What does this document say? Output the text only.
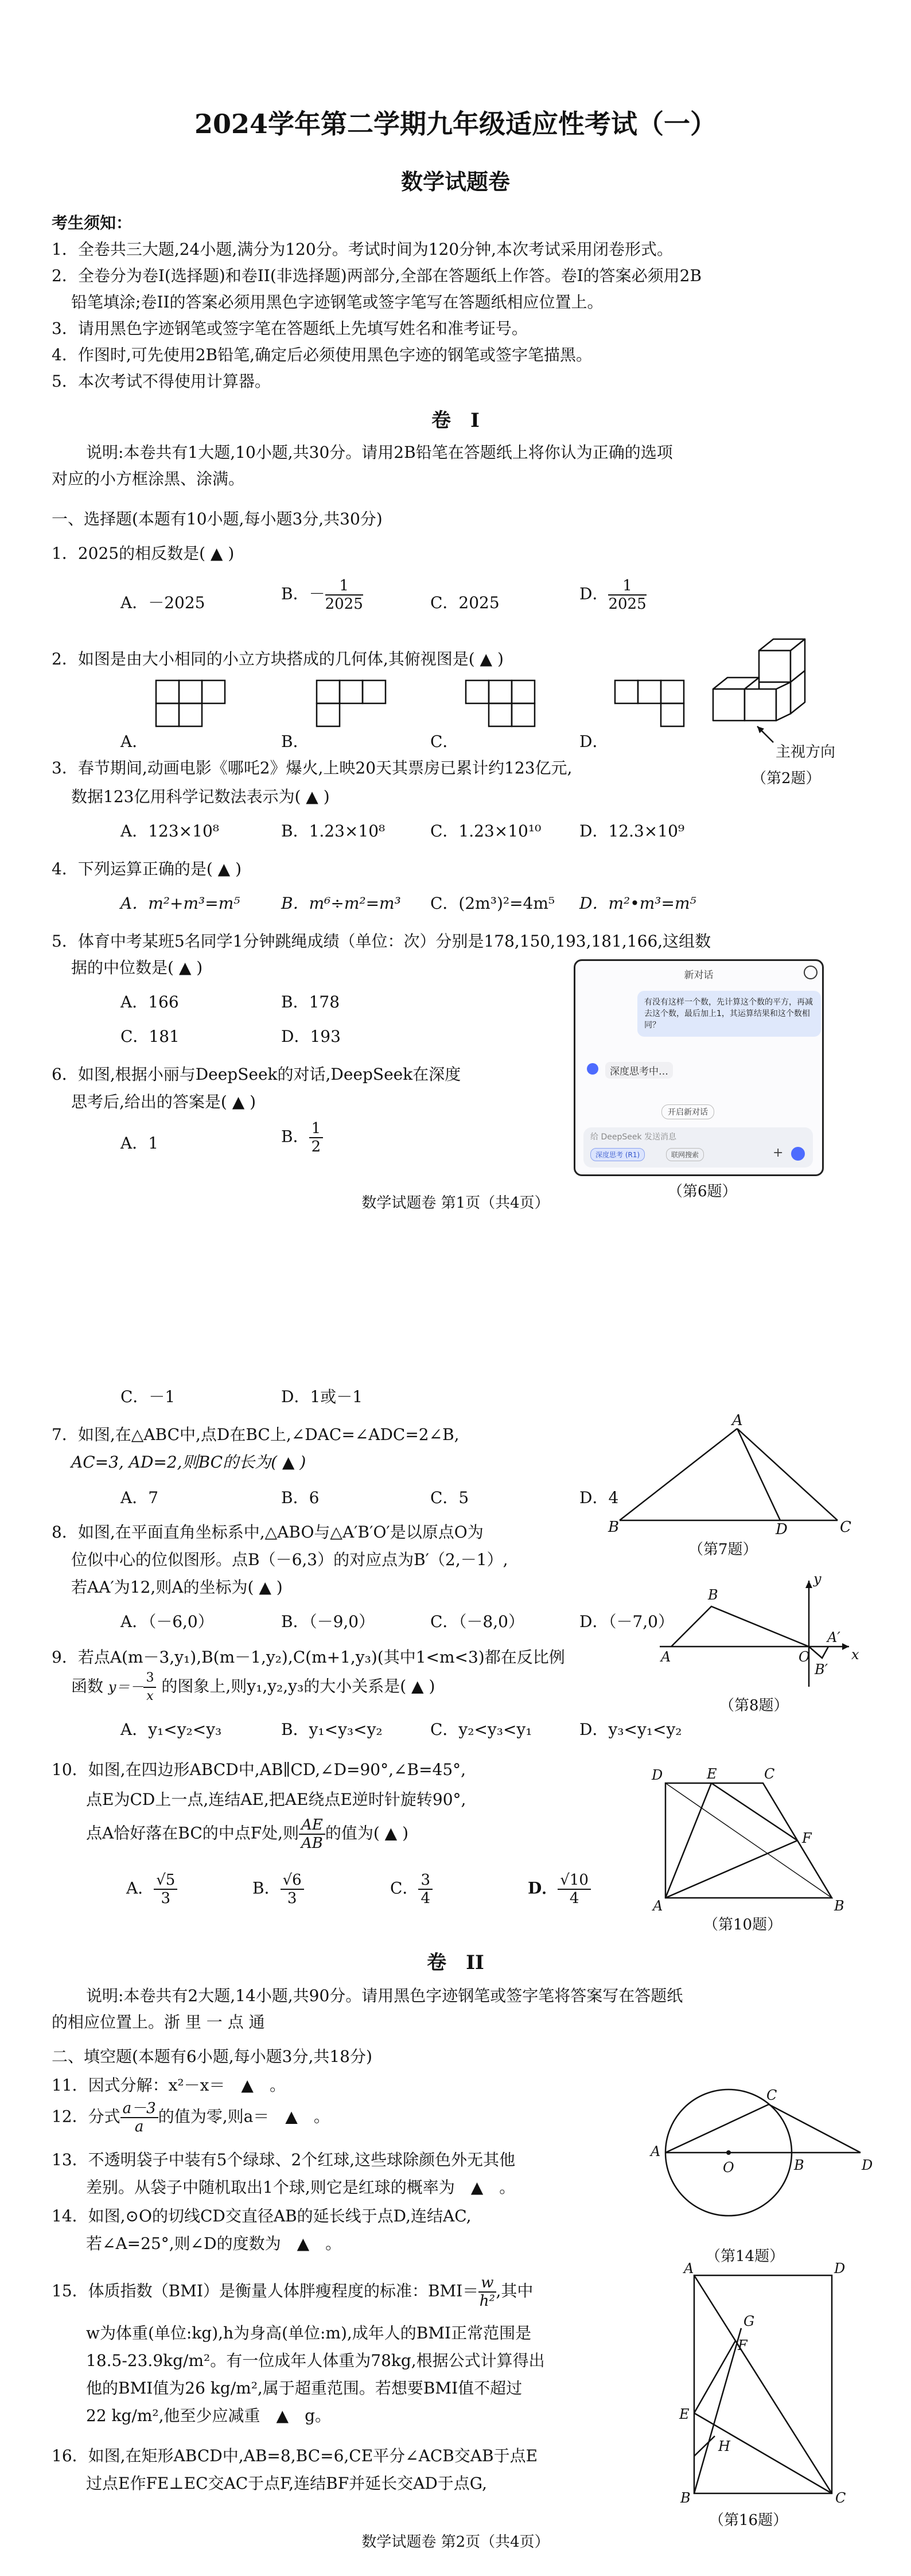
2024学年第二学期九年级适应性考试（一）
数学试题卷
考生须知：
1．全卷共三大题,24小题,满分为120分。考试时间为120分钟,本次考试采用闭卷形式。
2．全卷分为卷I(选择题)和卷II(非选择题)两部分,全部在答题纸上作答。卷I的答案必须用2B
铅笔填涂;卷II的答案必须用黑色字迹钢笔或签字笔写在答题纸相应位置上。
3．请用黑色字迹钢笔或签字笔在答题纸上先填写姓名和准考证号。
4．作图时,可先使用2B铅笔,确定后必须使用黑色字迹的钢笔或签字笔描黑。
5．本次考试不得使用计算器。
卷　I
说明:本卷共有1大题,10小题,共30分。请用2B铅笔在答题纸上将你认为正确的选项
对应的小方框涂黑、涂满。
一、选择题(本题有10小题,每小题3分,共30分)
1．2025的相反数是( ▲ )
A．－2025	B．－ $\frac{1}{2025}$	C．2025	D． $\frac{1}{2025}$
2．如图是由大小相同的小立方块搭成的几何体,其俯视图是( ▲ )
A．	B．	C．	D．
主视方向
（第2题）
3．春节期间,动画电影《哪吒2》爆火,上映20天其票房已累计约123亿元,
数据123亿用科学记数法表示为( ▲ )
A．123×10⁸	B．1.23×10⁸	C．1.23×10¹⁰ D．12.3×10⁹
4．下列运算正确的是( ▲ )
A．m²+m³=m⁵	B．m⁶÷m²=m³ C．(2m³)²=4m⁵ D．m²•m³=m⁵
5．体育中考某班5名同学1分钟跳绳成绩（单位：次）分别是178,150,193,181,166,这组数
据的中位数是( ▲ )
A．166	B．178
C．181	D．193
6．如图,根据小丽与DeepSeek的对话,DeepSeek在深度
思考后,给出的答案是( ▲ )
A．1	B． $\frac{1}{2}$
新对话
有没有这样一个数，先计算这个数的平方，再减去这个数，最后加上1，其运算结果和这个数相同？
深度思考中…
开启新对话
给 DeepSeek 发送消息
深度思考 (R1)	联网搜索	+
（第6题）
数学试题卷 第1页（共4页）
C．－1	D．1或－1
7．如图,在△ABC中,点D在BC上,∠DAC=∠ADC=2∠B,
AC=3, AD=2,则BC的长为( ▲ )
A．7	B．6	C．5	D．4
A
B	D	C
（第7题）
8．如图,在平面直角坐标系中,△ABO与△A′B′O′是以原点O为
位似中心的位似图形。点B（－6,3）的对应点为B′（2,－1）,
若AA′为12,则A的坐标为( ▲ )
A．（－6,0）	B．（－9,0）	C．（－8,0）	D．（－7,0）
B
A	O
A′
B′
x
y
（第8题）
9．若点A(m－3,y₁),B(m－1,y₂),C(m+1,y₃)(其中1<m<3)都在反比例
函数 $y=- \frac{3}{x}$ 的图象上,则y₁,y₂,y₃的大小关系是( ▲ )
A．y₁<y₂<y₃	B．y₁<y₃<y₂	C．y₂<y₃<y₁	D．y₃<y₁<y₂
10．如图,在四边形ABCD中,AB∥CD,∠D=90°,∠B=45°,
点E为CD上一点,连结AE,把AE绕点E逆时针旋转90°,
点A恰好落在BC的中点F处,则 $\frac{AE}{AB}$ 的值为( ▲ )
A． $\frac{√5}{3}$	B． $\frac{√6}{3}$	C． $\frac{3}{4}$	D． $\frac{√10}{4}$
D	E	C
F
A	B
（第10题）
卷　II
说明:本卷共有2大题,14小题,共90分。请用黑色字迹钢笔或签字笔将答案写在答题纸
的相应位置上。浙 里 一 点 通
二、填空题(本题有6小题,每小题3分,共18分)
11．因式分解：x²－x＝　▲　。
12．分式 $\frac{a-3}{a}$ 的值为零,则a＝　▲　。
13．不透明袋子中装有5个绿球、2个红球,这些球除颜色外无其他
差别。从袋子中随机取出1个球,则它是红球的概率为　▲　。
14．如图,⊙O的切线CD交直径AB的延长线于点D,连结AC,
若∠A=25°,则∠D的度数为　▲　。
C
A
O	B	D
（第14题）
15．体质指数（BMI）是衡量人体胖瘦程度的标准：$BMI= \frac{w}{\text{h²}}$ ,其中
w为体重(单位:kg),h为身高(单位:m),成年人的BMI正常范围是
18.5-23.9kg/m²。有一位成年人体重为78kg,根据公式计算得出
他的BMI值为26 kg/m²,属于超重范围。若想要BMI值不超过
22 kg/m²,他至少应减重　▲　g。
16．如图,在矩形ABCD中,AB=8,BC=6,CE平分∠ACB交AB于点E
过点E作FE⊥EC交AC于点F,连结BF并延长交AD于点G,
A	D
G
F
E
H
B	C
（第16题）
数学试题卷 第2页（共4页）
